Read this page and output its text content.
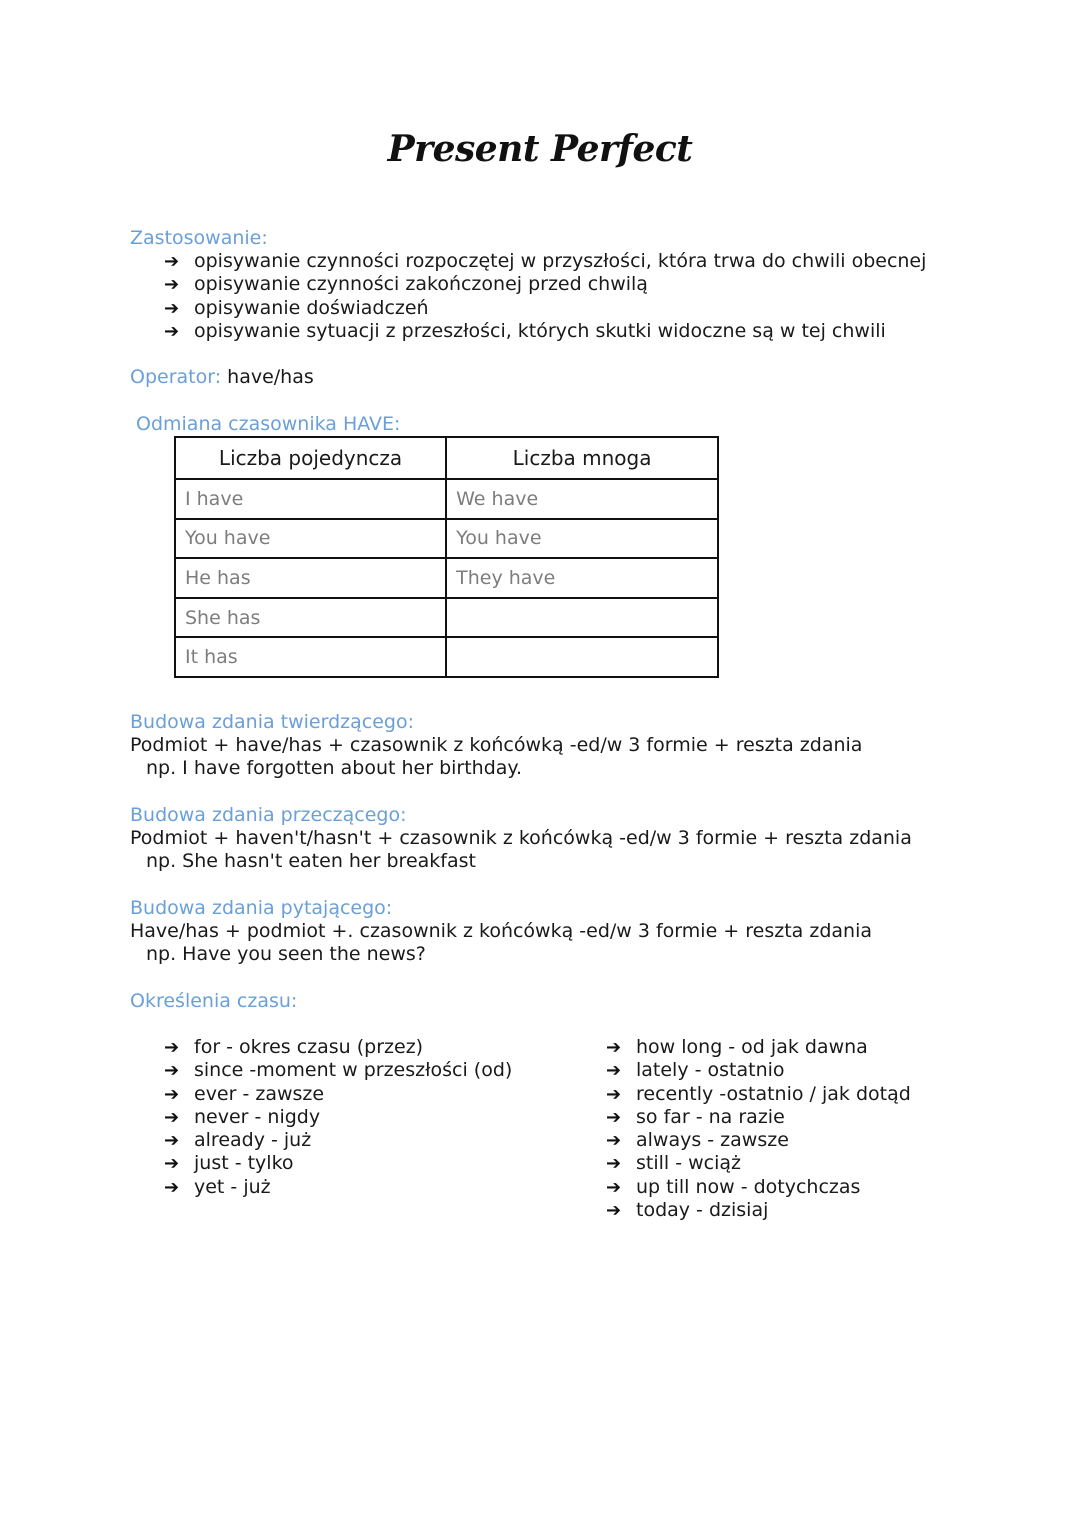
Present Perfect
Zastosowanie:
➔ opisywanie czynności rozpoczętej w przyszłości, która trwa do chwili obecnej
➔ opisywanie czynności zakończonej przed chwilą
➔ opisywanie doświadczeń
➔ opisywanie sytuacji z przeszłości, których skutki widoczne są w tej chwili
Operator: have/has
Odmiana czasownika HAVE:
Liczba pojedyncza	Liczba mnoga
I have	We have
You have	You have
He has	They have
She has	
It has	
Budowa zdania twierdzącego:
Podmiot + have/has + czasownik z końcówką -ed/w 3 formie + reszta zdania
np. I have forgotten about her birthday.
Budowa zdania przeczącego:
Podmiot + haven't/hasn't + czasownik z końcówką -ed/w 3 formie + reszta zdania
np. She hasn't eaten her breakfast
Budowa zdania pytającego:
Have/has + podmiot +. czasownik z końcówką -ed/w 3 formie + reszta zdania
np. Have you seen the news?
Określenia czasu:
➔ for - okres czasu (przez)
➔ since -moment w przeszłości (od)
➔ ever - zawsze
➔ never - nigdy
➔ already - już
➔ just - tylko
➔ yet - już
➔ how long - od jak dawna
➔ lately - ostatnio
➔ recently -ostatnio / jak dotąd
➔ so far - na razie
➔ always - zawsze
➔ still - wciąż
➔ up till now - dotychczas
➔ today - dzisiaj
